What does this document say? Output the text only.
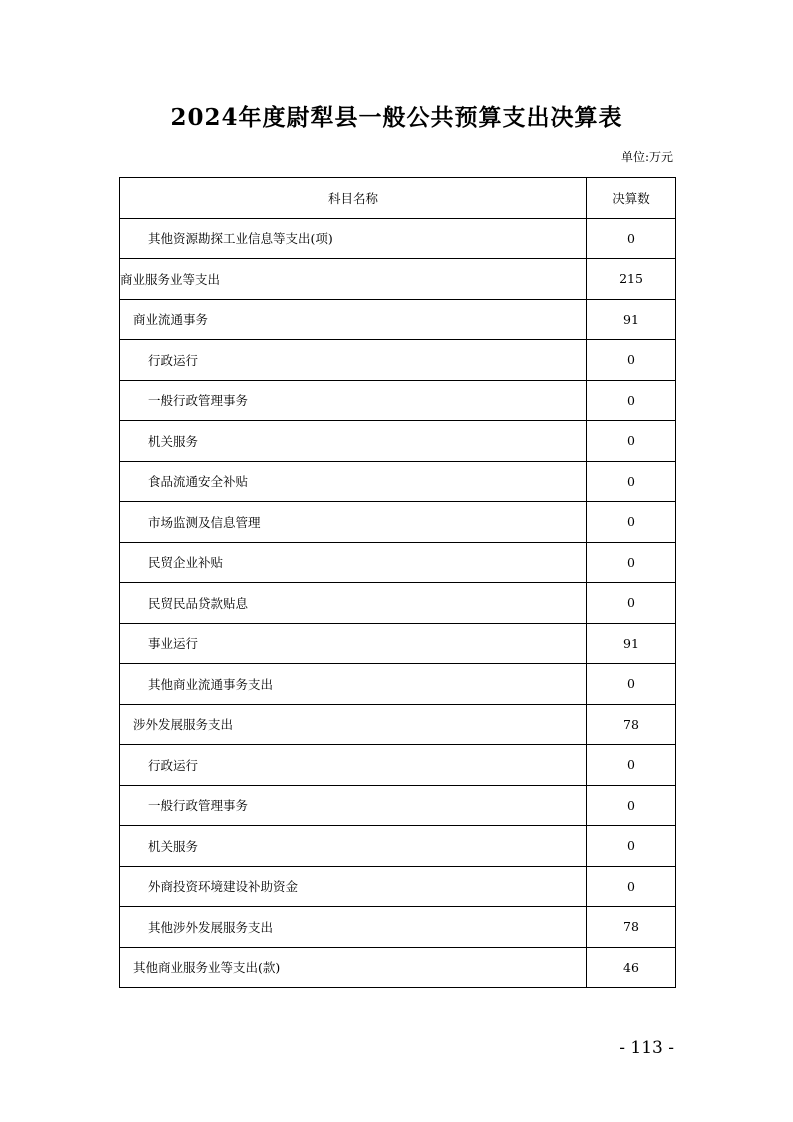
2024年度尉犁县一般公共预算支出决算表
单位:万元
科目名称	决算数
其他资源勘探工业信息等支出(项)	0
商业服务业等支出	215
商业流通事务	91
行政运行	0
一般行政管理事务	0
机关服务	0
食品流通安全补贴	0
市场监测及信息管理	0
民贸企业补贴	0
民贸民品贷款贴息	0
事业运行	91
其他商业流通事务支出	0
涉外发展服务支出	78
行政运行	0
一般行政管理事务	0
机关服务	0
外商投资环境建设补助资金	0
其他涉外发展服务支出	78
其他商业服务业等支出(款)	46
- 113 -
